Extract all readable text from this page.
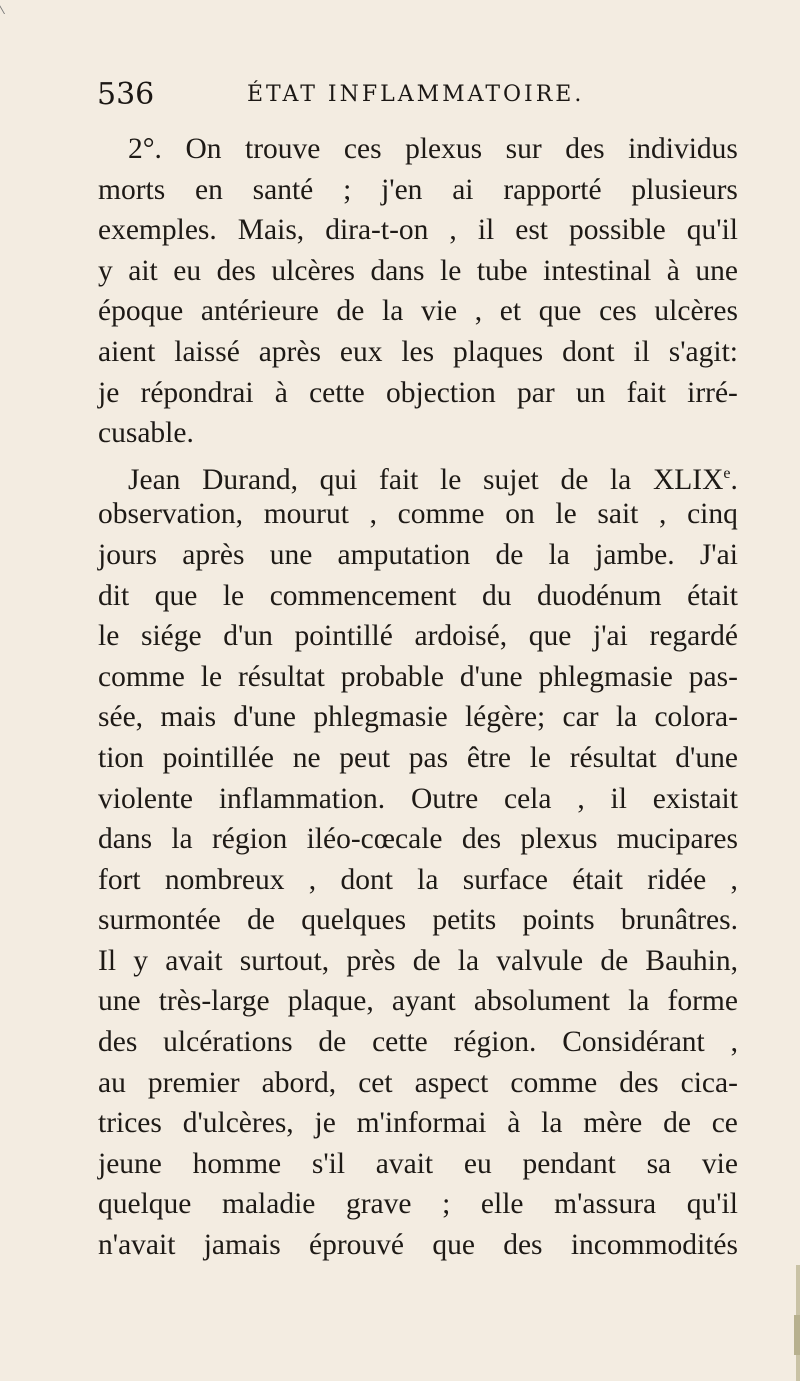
536	ÉTAT INFLAMMATOIRE.
2°. On trouve ces plexus sur des individus
morts en santé ; j'en ai rapporté plusieurs
exemples. Mais, dira-t-on , il est possible qu'il
y ait eu des ulcères dans le tube intestinal à une
époque antérieure de la vie , et que ces ulcères
aient laissé après eux les plaques dont il s'agit:
je répondrai à cette objection par un fait irré-
cusable.
Jean Durand, qui fait le sujet de la XLIXe.
observation, mourut , comme on le sait , cinq
jours après une amputation de la jambe. J'ai
dit que le commencement du duodénum était
le siége d'un pointillé ardoisé, que j'ai regardé
comme le résultat probable d'une phlegmasie pas-
sée, mais d'une phlegmasie légère; car la colora-
tion pointillée ne peut pas être le résultat d'une
violente inflammation. Outre cela , il existait
dans la région iléo-cœcale des plexus mucipares
fort nombreux , dont la surface était ridée ,
surmontée de quelques petits points brunâtres.
Il y avait surtout, près de la valvule de Bauhin,
une très-large plaque, ayant absolument la forme
des ulcérations de cette région. Considérant ,
au premier abord, cet aspect comme des cica-
trices d'ulcères, je m'informai à la mère de ce
jeune homme s'il avait eu pendant sa vie
quelque maladie grave ; elle m'assura qu'il
n'avait jamais éprouvé que des incommodités
